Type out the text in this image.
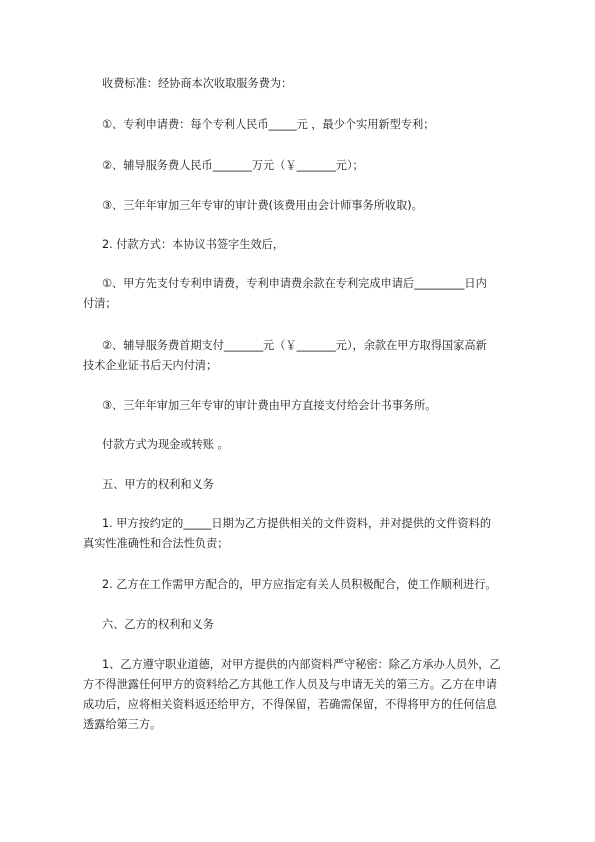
收费标准：经协商本次收取服务费为：

①、专利申请费：每个专利人民币_____元 ，最少个实用新型专利；

②、辅导服务费人民币_______万元（￥_______元）；

③、三年年审加三年专审的审计费(该费用由会计师事务所收取)。

2. 付款方式：本协议书签字生效后，

①、甲方先支付专利申请费，专利申请费余款在专利完成申请后_________日内
付清；
②、辅导服务费首期支付_______元（￥_______元），余款在甲方取得国家高新
技术企业证书后天内付清；

③、三年年审加三年专审的审计费由甲方直接支付给会计书事务所。

付款方式为现金或转账 。

五、甲方的权利和义务

1. 甲方按约定的_____日期为乙方提供相关的文件资料，并对提供的文件资料的
真实性准确性和合法性负责；

2. 乙方在工作需甲方配合的，甲方应指定有关人员积极配合，使工作顺利进行。

六、乙方的权利和义务

1、乙方遵守职业道德，对甲方提供的内部资料严守秘密：除乙方承办人员外，乙
方不得泄露任何甲方的资料给乙方其他工作人员及与申请无关的第三方。乙方在申请
成功后，应将相关资料返还给甲方，不得保留，若确需保留，不得将甲方的任何信息
透露给第三方。
